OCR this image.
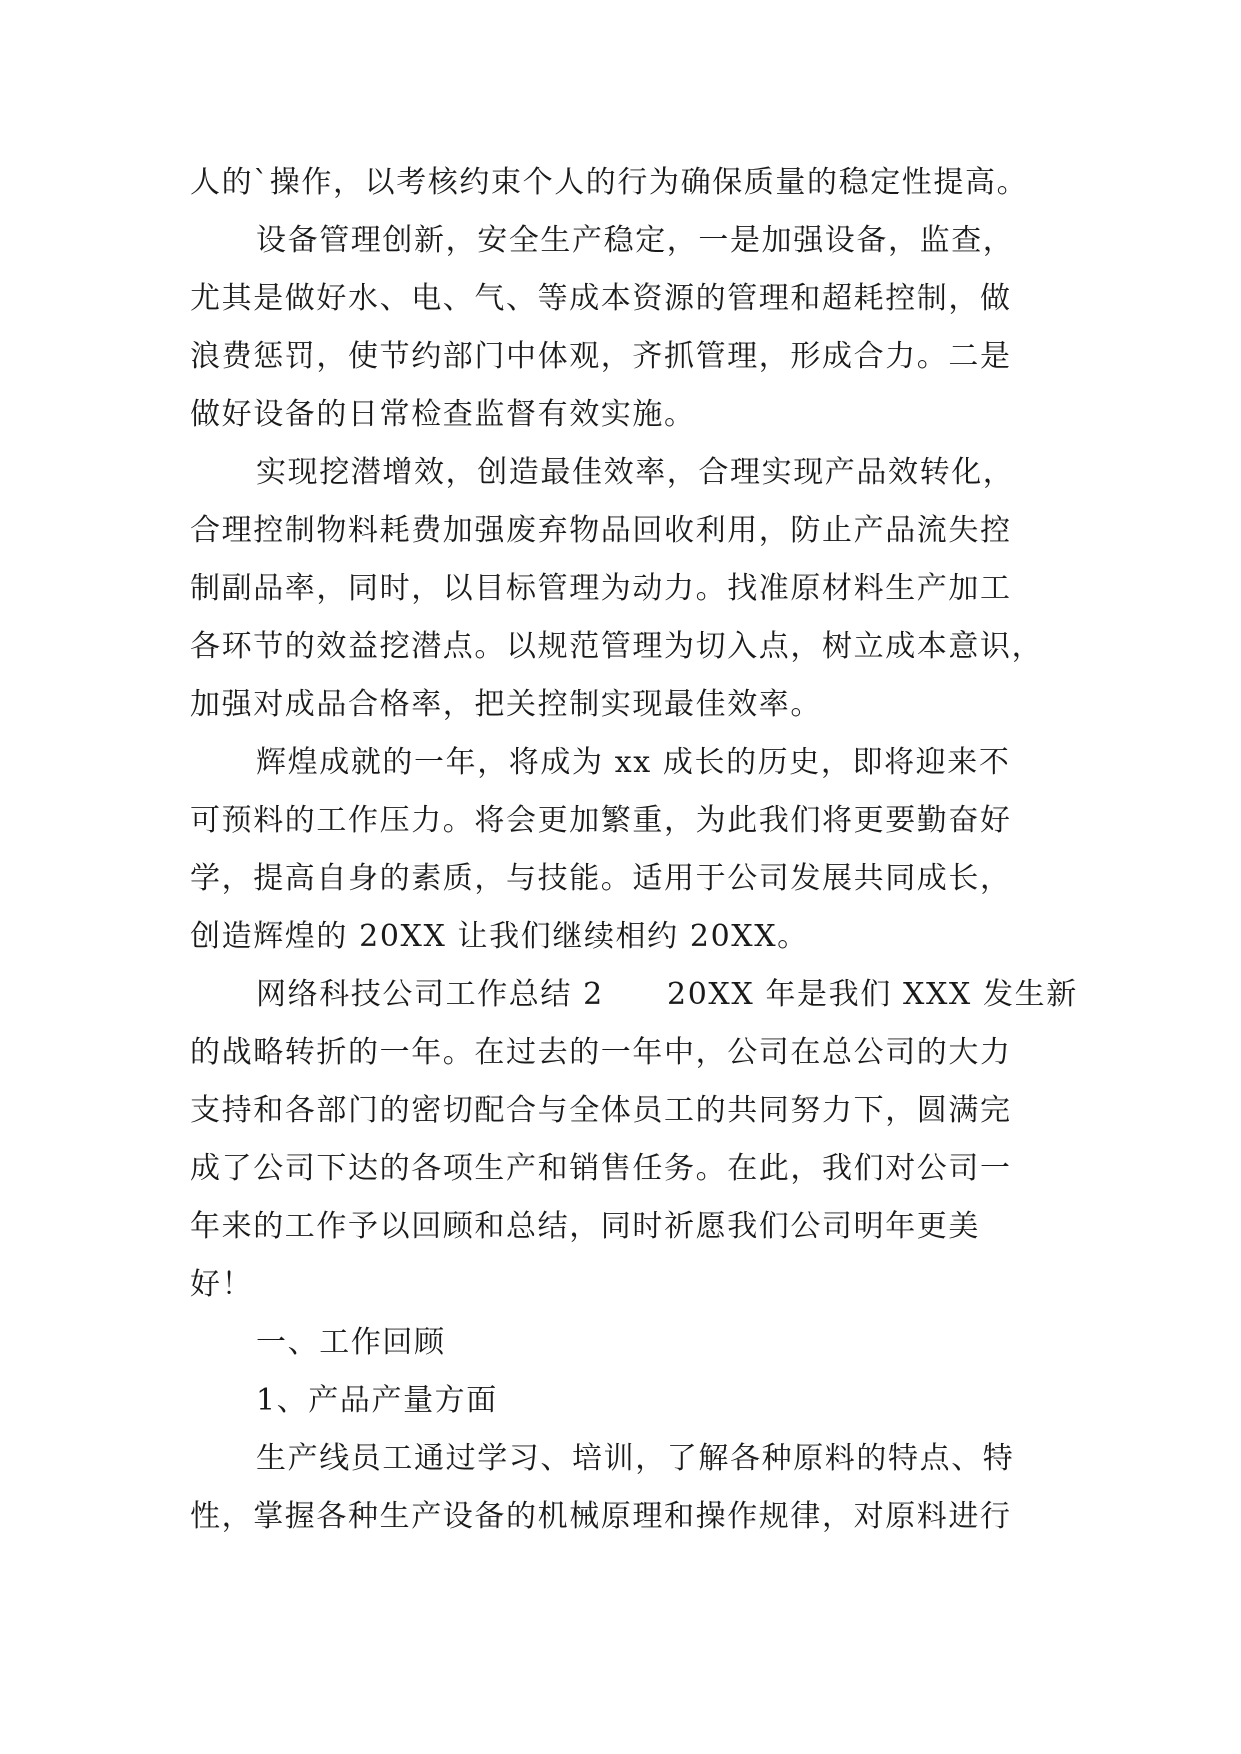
人的`操作，以考核约束个人的行为确保质量的稳定性提高。
设备管理创新，安全生产稳定，一是加强设备，监查，
尤其是做好水、电、气、等成本资源的管理和超耗控制，做
浪费惩罚，使节约部门中体观，齐抓管理，形成合力。二是
做好设备的日常检查监督有效实施。
实现挖潜增效，创造最佳效率，合理实现产品效转化，
合理控制物料耗费加强废弃物品回收利用，防止产品流失控
制副品率，同时，以目标管理为动力。找准原材料生产加工
各环节的效益挖潜点。以规范管理为切入点，树立成本意识，
加强对成品合格率，把关控制实现最佳效率。
辉煌成就的一年，将成为 xx 成长的历史，即将迎来不
可预料的工作压力。将会更加繁重，为此我们将更要勤奋好
学，提高自身的素质，与技能。适用于公司发展共同成长，
创造辉煌的 20XX 让我们继续相约 20XX。
网络科技公司工作总结 2　　20XX 年是我们 XXX 发生新
的战略转折的一年。在过去的一年中，公司在总公司的大力
支持和各部门的密切配合与全体员工的共同努力下，圆满完
成了公司下达的各项生产和销售任务。在此，我们对公司一
年来的工作予以回顾和总结，同时祈愿我们公司明年更美
好！
一、工作回顾
1、产品产量方面
生产线员工通过学习、培训，了解各种原料的特点、特
性，掌握各种生产设备的机械原理和操作规律，对原料进行
